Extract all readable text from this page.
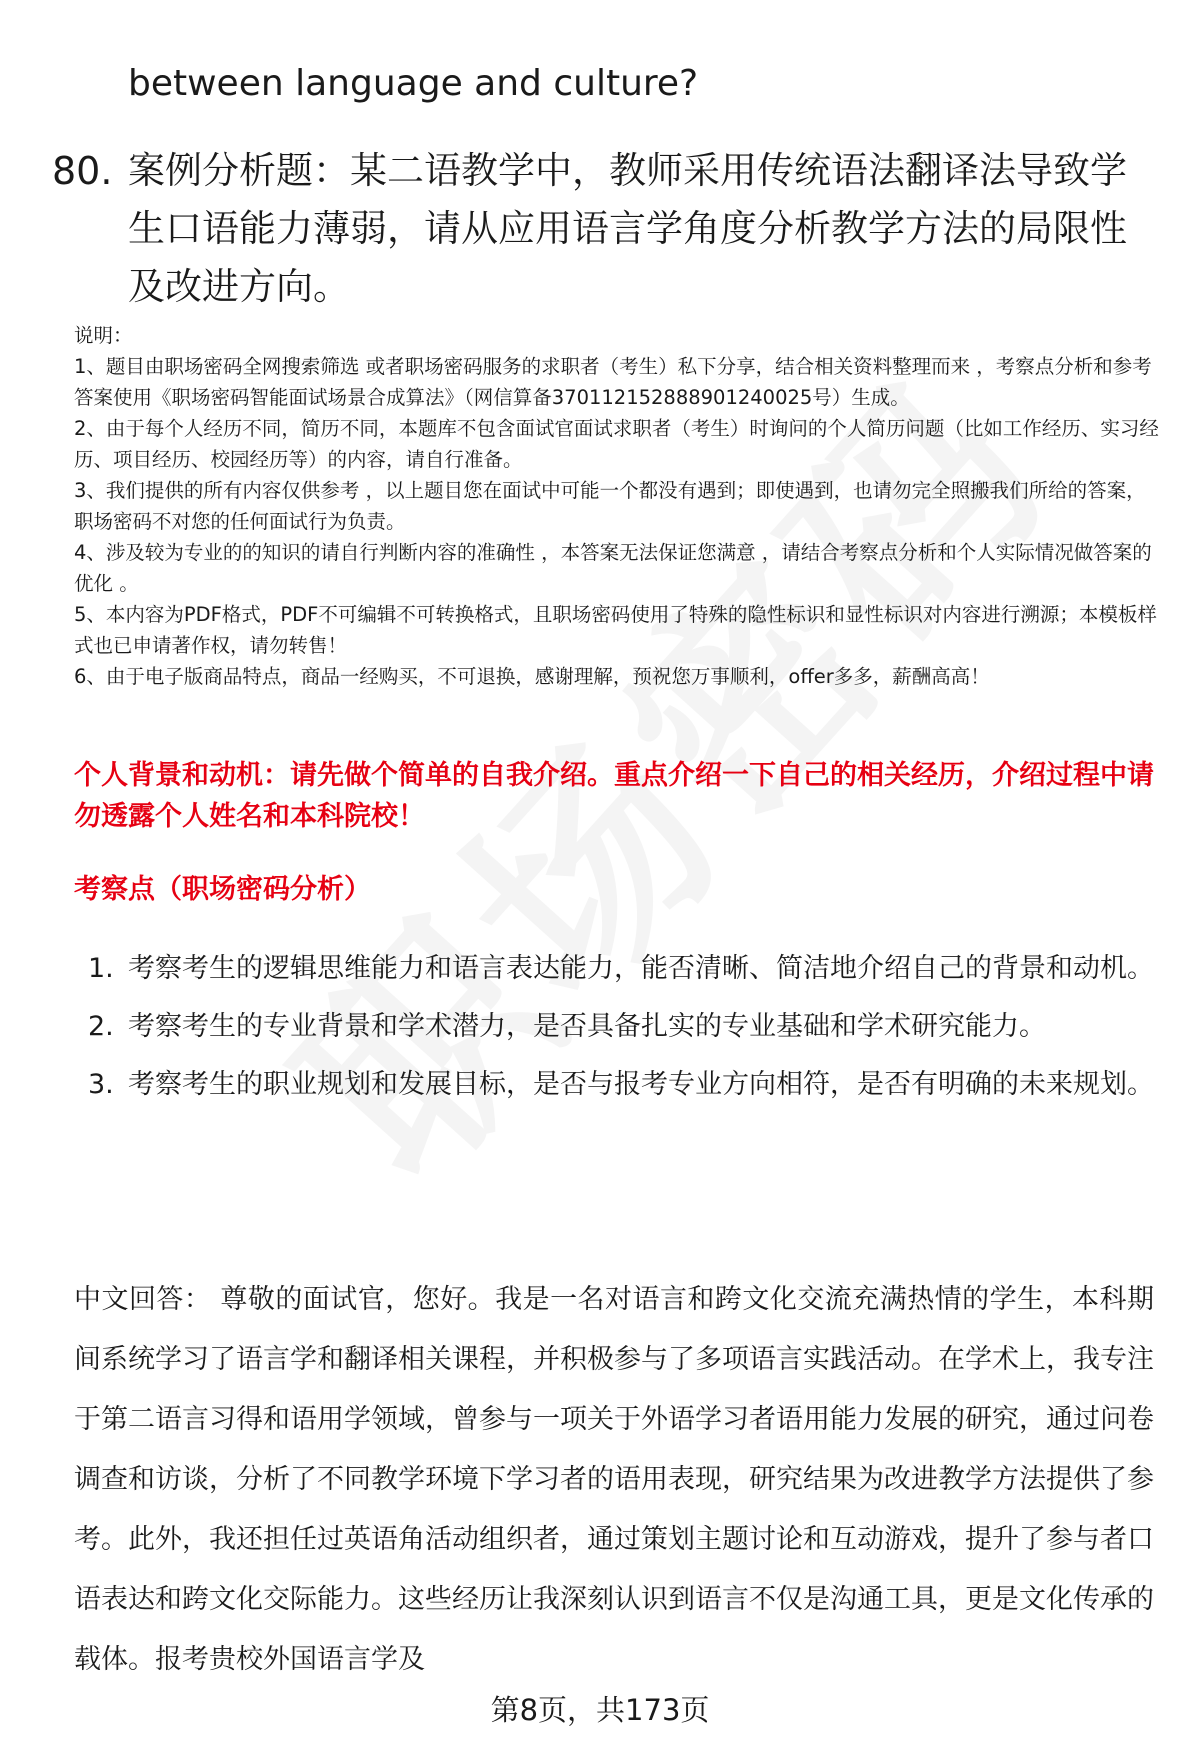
between language and culture?
80. 案例分析题：某二语教学中，教师采用传统语法翻译法导致学生口语能力薄弱，请从应用语言学角度分析教学方法的局限性及改进方向。
说明：
1、题目由职场密码全网搜索筛选 或者职场密码服务的求职者（考生）私下分享，结合相关资料整理而来 ，考察点分析和参考答案使用《职场密码智能面试场景合成算法》（网信算备370112152888901240025号）生成。
2、由于每个人经历不同，简历不同，本题库不包含面试官面试求职者（考生）时询问的个人简历问题（比如工作经历、实习经历、项目经历、校园经历等）的内容，请自行准备。
3、我们提供的所有内容仅供参考 ，以上题目您在面试中可能一个都没有遇到；即使遇到，也请勿完全照搬我们所给的答案，职场密码不对您的任何面试行为负责。
4、涉及较为专业的的知识的请自行判断内容的准确性 ，本答案无法保证您满意 ，请结合考察点分析和个人实际情况做答案的优化 。
5、本内容为PDF格式，PDF不可编辑不可转换格式，且职场密码使用了特殊的隐性标识和显性标识对内容进行溯源；本模板样式也已申请著作权，请勿转售！
6、由于电子版商品特点，商品一经购买，不可退换，感谢理解，预祝您万事顺利，offer多多，薪酬高高！
个人背景和动机：请先做个简单的自我介绍。重点介绍一下自己的相关经历，介绍过程中请勿透露个人姓名和本科院校！
考察点（职场密码分析）
1. 考察考生的逻辑思维能力和语言表达能力，能否清晰、简洁地介绍自己的背景和动机。
2. 考察考生的专业背景和学术潜力，是否具备扎实的专业基础和学术研究能力。
3. 考察考生的职业规划和发展目标，是否与报考专业方向相符，是否有明确的未来规划。
中文回答： 尊敬的面试官，您好。我是一名对语言和跨文化交流充满热情的学生，本科期间系统学习了语言学和翻译相关课程，并积极参与了多项语言实践活动。在学术上，我专注于第二语言习得和语用学领域，曾参与一项关于外语学习者语用能力发展的研究，通过问卷调查和访谈，分析了不同教学环境下学习者的语用表现，研究结果为改进教学方法提供了参考。此外，我还担任过英语角活动组织者，通过策划主题讨论和互动游戏，提升了参与者口语表达和跨文化交际能力。这些经历让我深刻认识到语言不仅是沟通工具，更是文化传承的载体。报考贵校外国语言学及
第8页，共173页
